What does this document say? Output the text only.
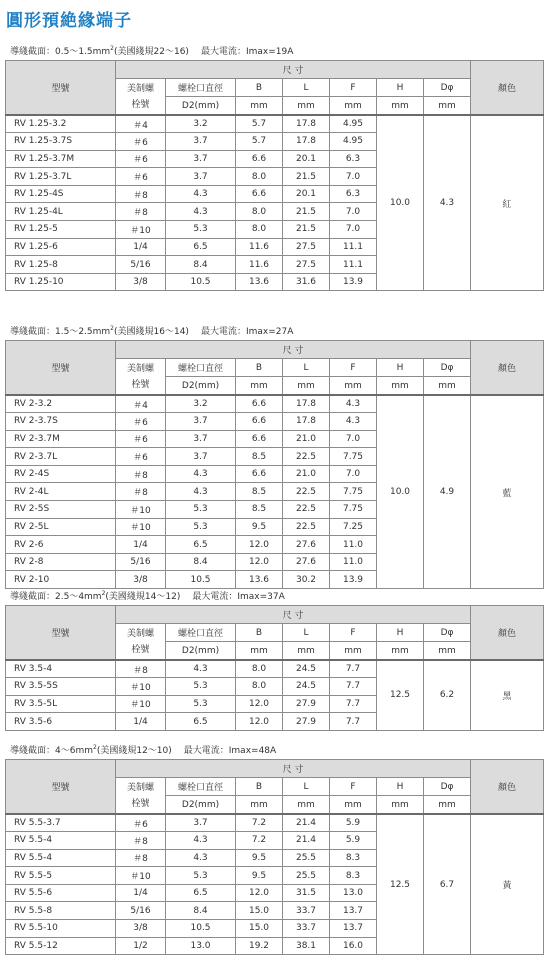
圓形預絶緣端子
導綫截面：$0.5\sim 1.5mm^2$(美國綫規22～16) 最大電流：Imax=19A
型號	尺 寸							顏色

	美制螺
栓號	螺栓口直徑	B	L	F	H	Dφ	
		D2(mm)	mm	mm	mm	mm	mm	
RV 1.25-3.2	＃4	3.2	5.7	17.8	4.95	10.0	4.3	紅
RV 1.25-3.7S	＃6	3.7	5.7	17.8	4.95			
RV 1.25-3.7M	＃6	3.7	6.6	20.1	6.3			
RV 1.25-3.7L	＃6	3.7	8.0	21.5	7.0			
RV 1.25-4S	＃8	4.3	6.6	20.1	6.3			
RV 1.25-4L	＃8	4.3	8.0	21.5	7.0			
RV 1.25-5	＃10	5.3	8.0	21.5	7.0			
RV 1.25-6	1/4	6.5	11.6	27.5	11.1			
RV 1.25-8	5/16	8.4	11.6	27.5	11.1			
RV 1.25-10	3/8	10.5	13.6	31.6	13.9			
導綫截面：$1.5\sim 2.5mm^2$(美國綫規16～14) 最大電流：Imax=27A
型號	尺 寸							顏色

	美制螺
栓號	螺栓口直徑	B	L	F	H	Dφ	
		D2(mm)	mm	mm	mm	mm	mm	
RV 2-3.2	＃4	3.2	6.6	17.8	4.3	10.0	4.9	藍
RV 2-3.7S	＃6	3.7	6.6	17.8	4.3			
RV 2-3.7M	＃6	3.7	6.6	21.0	7.0			
RV 2-3.7L	＃6	3.7	8.5	22.5	7.75			
RV 2-4S	＃8	4.3	6.6	21.0	7.0			
RV 2-4L	＃8	4.3	8.5	22.5	7.75			
RV 2-5S	＃10	5.3	8.5	22.5	7.75			
RV 2-5L	＃10	5.3	9.5	22.5	7.25			
RV 2-6	1/4	6.5	12.0	27.6	11.0			
RV 2-8	5/16	8.4	12.0	27.6	11.0			
RV 2-10	3/8	10.5	13.6	30.2	13.9			
導綫截面：$2.5\sim 4mm^2$(美國綫規14～12) 最大電流：Imax=37A
型號	尺 寸							顏色

	美制螺
栓號	螺栓口直徑	B	L	F	H	Dφ	
		D2(mm)	mm	mm	mm	mm	mm	
RV 3.5-4	＃8	4.3	8.0	24.5	7.7	12.5	6.2	黑
RV 3.5-5S	＃10	5.3	8.0	24.5	7.7			
RV 3.5-5L	＃10	5.3	12.0	27.9	7.7			
RV 3.5-6	1/4	6.5	12.0	27.9	7.7			
導綫截面：$4\sim 6mm^2$(美國綫規12～10) 最大電流：Imax=48A
型號	尺 寸							顏色

	美制螺
栓號	螺栓口直徑	B	L	F	H	Dφ	
		D2(mm)	mm	mm	mm	mm	mm	
RV 5.5-3.7	＃6	3.7	7.2	21.4	5.9	12.5	6.7	黃
RV 5.5-4	＃8	4.3	7.2	21.4	5.9			
RV 5.5-4	＃8	4.3	9.5	25.5	8.3			
RV 5.5-5	＃10	5.3	9.5	25.5	8.3			
RV 5.5-6	1/4	6.5	12.0	31.5	13.0			
RV 5.5-8	5/16	8.4	15.0	33.7	13.7			
RV 5.5-10	3/8	10.5	15.0	33.7	13.7			
RV 5.5-12	1/2	13.0	19.2	38.1	16.0			
